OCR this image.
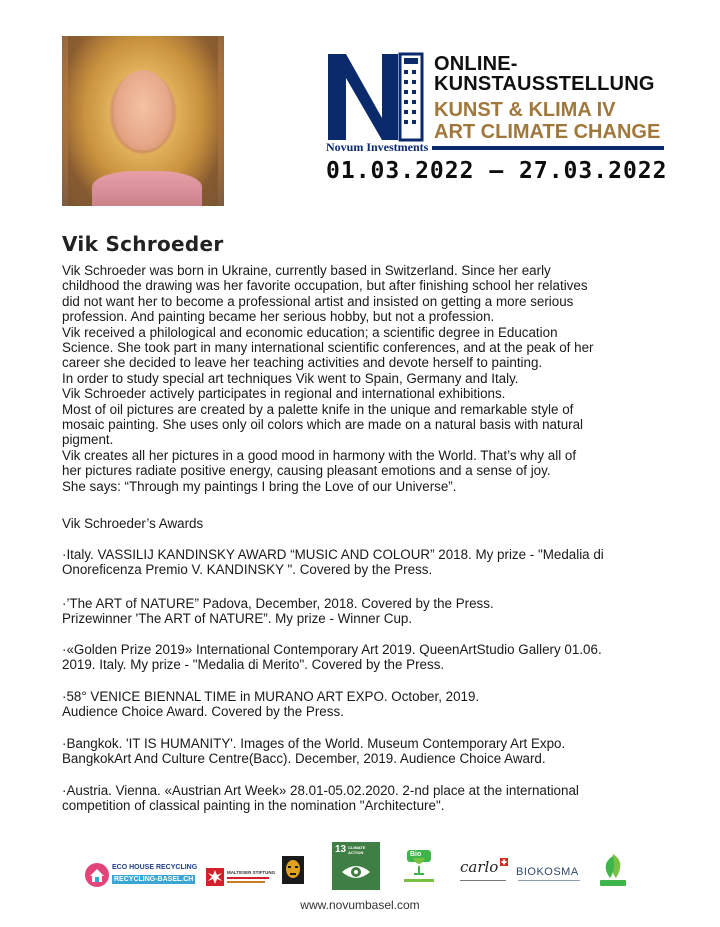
Novum Investments
ONLINE-
KUNSTAUSSTELLUNG
KUNST & KLIMA IV
ART CLIMATE CHANGE
01.03.2022 – 27.03.2022
Vik Schroeder

Vik Schroeder was born in Ukraine, currently based in Switzerland. Since her early

childhood the drawing was her favorite occupation, but after finishing school her relatives

did not want her to become a professional artist and insisted on getting a more serious

profession. And painting became her serious hobby, but not a profession.

Vik received a philological and economic education; a scientific degree in Education

Science. She took part in many international scientific conferences, and at the peak of her

career she decided to leave her teaching activities and devote herself to painting.

In order to study special art techniques Vik went to Spain, Germany and Italy.

Vik Schroeder actively participates in regional and international exhibitions.

Most of oil pictures are created by a palette knife in the unique and remarkable style of

mosaic painting. She uses only oil colors which are made on a natural basis with natural

pigment.

Vik creates all her pictures in a good mood in harmony with the World. That’s why all of

her pictures radiate positive energy, causing pleasant emotions and a sense of joy.

She says: “Through my paintings I bring the Love of our Universe”.

Vik Schroeder’s Awards

·Italy. VASSILIJ KANDINSKY AWARD “MUSIC AND COLOUR” 2018. My prize - "Medalia di

Onoreficenza Premio V. KANDINSKY ". Covered by the Press.

·’The ART of NATURE” Padova, December, 2018. Covered by the Press.

Prizewinner 'The ART of NATURE”. My prize - Winner Cup.

·«Golden Prize 2019» International Contemporary Art 2019. QueenArtStudio Gallery 01.06.

2019. Italy. My prize - "Medalia di Merito". Covered by the Press.

·58° VENICE BIENNAL TIME in MURANO ART EXPO. October, 2019.

Audience Choice Award. Covered by the Press.

·Bangkok. 'IT IS HUMANITY'. Images of the World. Museum Contemporary Art Expo.

BangkokArt And Culture Centre(Bacc). December, 2019. Audience Choice Award.

·Austria. Vienna. «Austrian Art Week» 28.01-05.02.2020. 2-nd place at the international

competition of classical painting in the nomination "Architecture".

ECO HOUSE RECYCLING
RECYCLING-BASEL.CH
MALTESER STIFTUNG
13 CLIMATE ACTION	Bio
carlo BIOKOSMA
www.novumbasel.com
